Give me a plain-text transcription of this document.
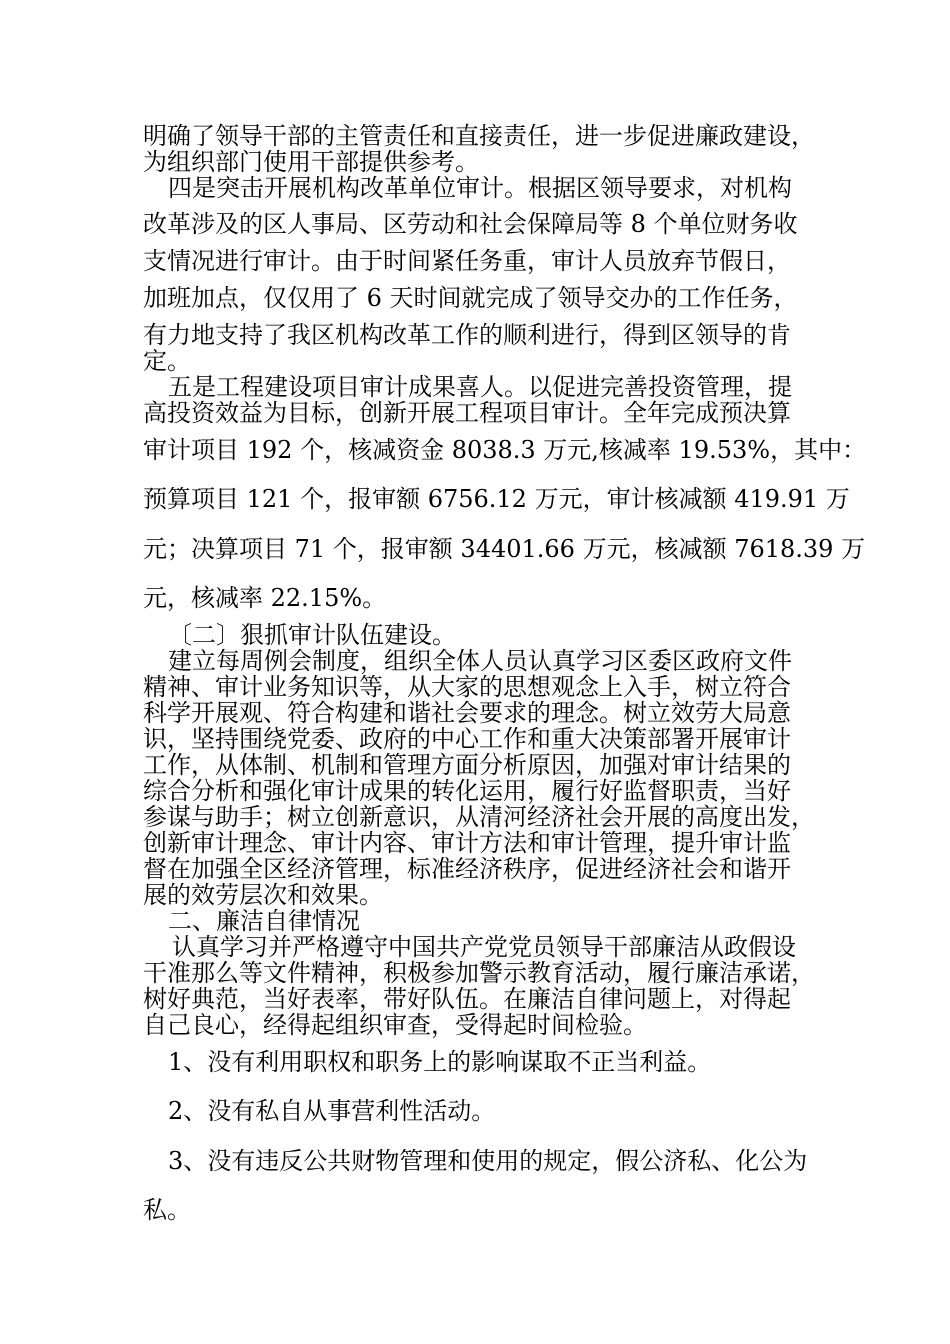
明确了领导干部的主管责任和直接责任，进一步促进廉政建设，

为组织部门使用干部提供参考。

四是突击开展机构改革单位审计。根据区领导要求，对机构

改革涉及的区人事局、区劳动和社会保障局等 8 个单位财务收

支情况进行审计。由于时间紧任务重，审计人员放弃节假日，

加班加点，仅仅用了 6 天时间就完成了领导交办的工作任务，

有力地支持了我区机构改革工作的顺利进行，得到区领导的肯

定。

五是工程建设项目审计成果喜人。以促进完善投资管理，提

高投资效益为目标，创新开展工程项目审计。全年完成预决算

审计项目 192 个，核减资金 8038.3 万元,核减率 19.53%，其中：

预算项目 121 个，报审额 6756.12 万元，审计核减额 419.91 万

元；决算项目 71 个，报审额 34401.66 万元，核减额 7618.39 万

元，核减率 22.15%。

〔二〕狠抓审计队伍建设。

建立每周例会制度，组织全体人员认真学习区委区政府文件

精神、审计业务知识等，从大家的思想观念上入手，树立符合

科学开展观、符合构建和谐社会要求的理念。树立效劳大局意

识，坚持围绕党委、政府的中心工作和重大决策部署开展审计

工作，从体制、机制和管理方面分析原因，加强对审计结果的

综合分析和强化审计成果的转化运用，履行好监督职责，当好

参谋与助手；树立创新意识，从清河经济社会开展的高度出发，

创新审计理念、审计内容、审计方法和审计管理，提升审计监

督在加强全区经济管理，标准经济秩序，促进经济社会和谐开

展的效劳层次和效果。

二、廉洁自律情况

认真学习并严格遵守中国共产党党员领导干部廉洁从政假设

干准那么等文件精神，积极参加警示教育活动，履行廉洁承诺，

树好典范，当好表率，带好队伍。在廉洁自律问题上，对得起

自己良心，经得起组织审查，受得起时间检验。

1、没有利用职权和职务上的影响谋取不正当利益。

2、没有私自从事营利性活动。

3、没有违反公共财物管理和使用的规定，假公济私、化公为

私。
